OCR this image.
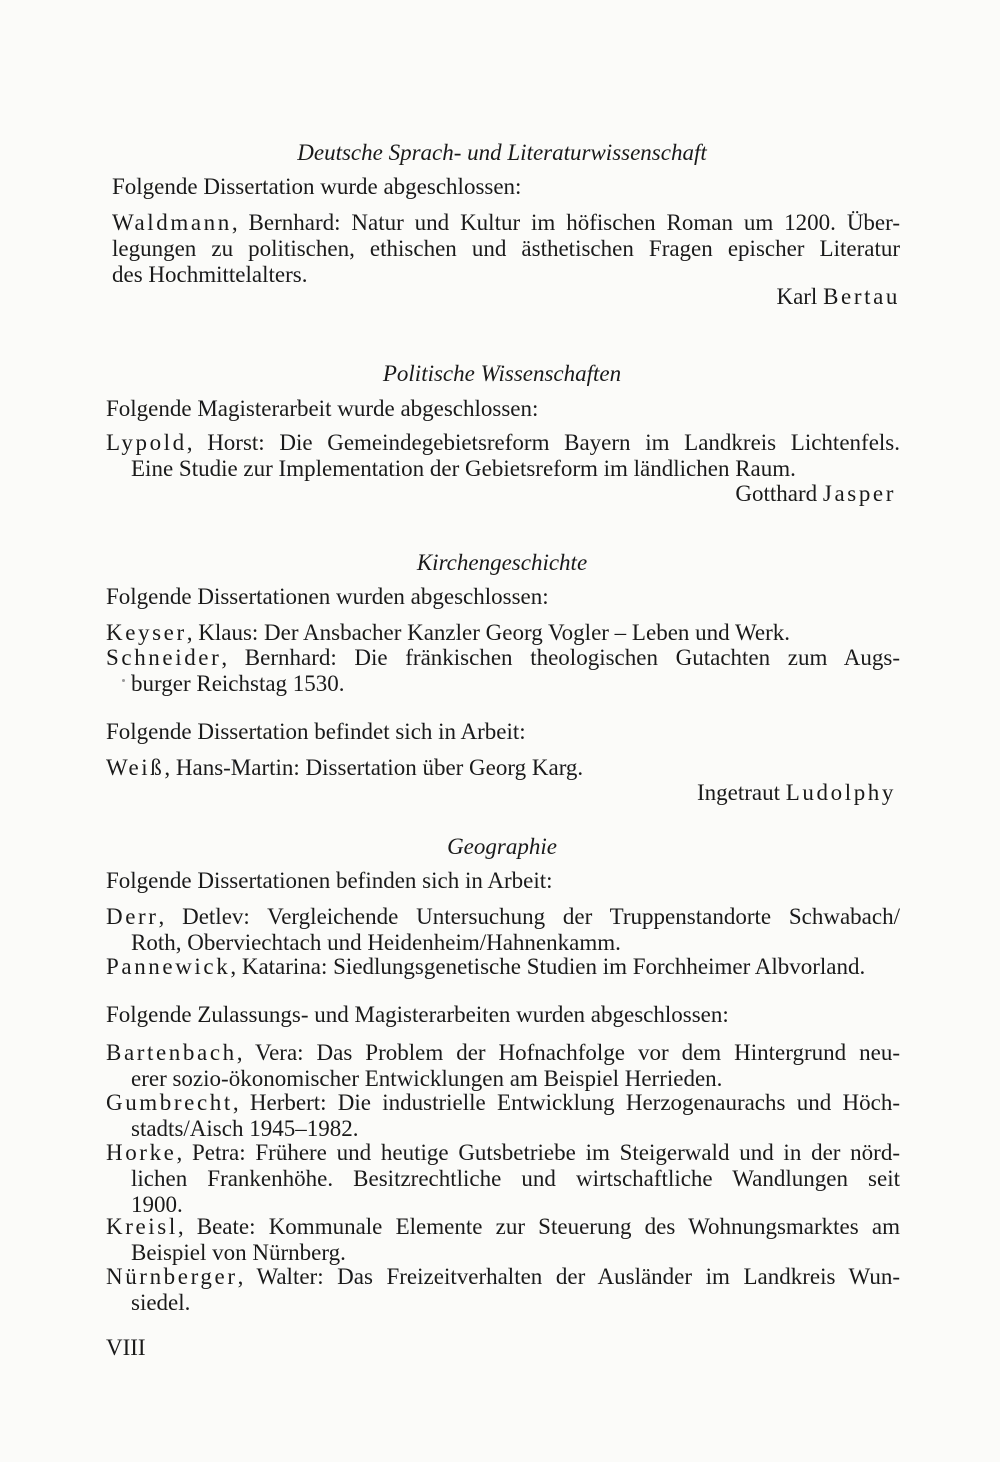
Deutsche Sprach- und Literaturwissenschaft
Folgende Dissertation wurde abgeschlossen:
Waldmann, Bernhard: Natur und Kultur im höfischen Roman um 1200. Über-
legungen zu politischen, ethischen und ästhetischen Fragen epischer Literatur
des Hochmittelalters.
Karl Bertau
Politische Wissenschaften
Folgende Magisterarbeit wurde abgeschlossen:
Lypold, Horst: Die Gemeindegebietsreform Bayern im Landkreis Lichtenfels.
Eine Studie zur Implementation der Gebietsreform im ländlichen Raum.
Gotthard Jasper
Kirchengeschichte
Folgende Dissertationen wurden abgeschlossen:
Keyser, Klaus: Der Ansbacher Kanzler Georg Vogler – Leben und Werk.
Schneider, Bernhard: Die fränkischen theologischen Gutachten zum Augs-
burger Reichstag 1530.
Folgende Dissertation befindet sich in Arbeit:
Weiß, Hans-Martin: Dissertation über Georg Karg.
Ingetraut Ludolphy
Geographie
Folgende Dissertationen befinden sich in Arbeit:
Derr, Detlev: Vergleichende Untersuchung der Truppenstandorte Schwabach/
Roth, Oberviechtach und Heidenheim/Hahnenkamm.
Pannewick, Katarina: Siedlungsgenetische Studien im Forchheimer Albvorland.
Folgende Zulassungs- und Magisterarbeiten wurden abgeschlossen:
Bartenbach, Vera: Das Problem der Hofnachfolge vor dem Hintergrund neu-
erer sozio-ökonomischer Entwicklungen am Beispiel Herrieden.
Gumbrecht, Herbert: Die industrielle Entwicklung Herzogenaurachs und Höch-
stadts/Aisch 1945–1982.
Horke, Petra: Frühere und heutige Gutsbetriebe im Steigerwald und in der nörd-
lichen Frankenhöhe. Besitzrechtliche und wirtschaftliche Wandlungen seit
1900.
Kreisl, Beate: Kommunale Elemente zur Steuerung des Wohnungsmarktes am
Beispiel von Nürnberg.
Nürnberger, Walter: Das Freizeitverhalten der Ausländer im Landkreis Wun-
siedel.
VIII
